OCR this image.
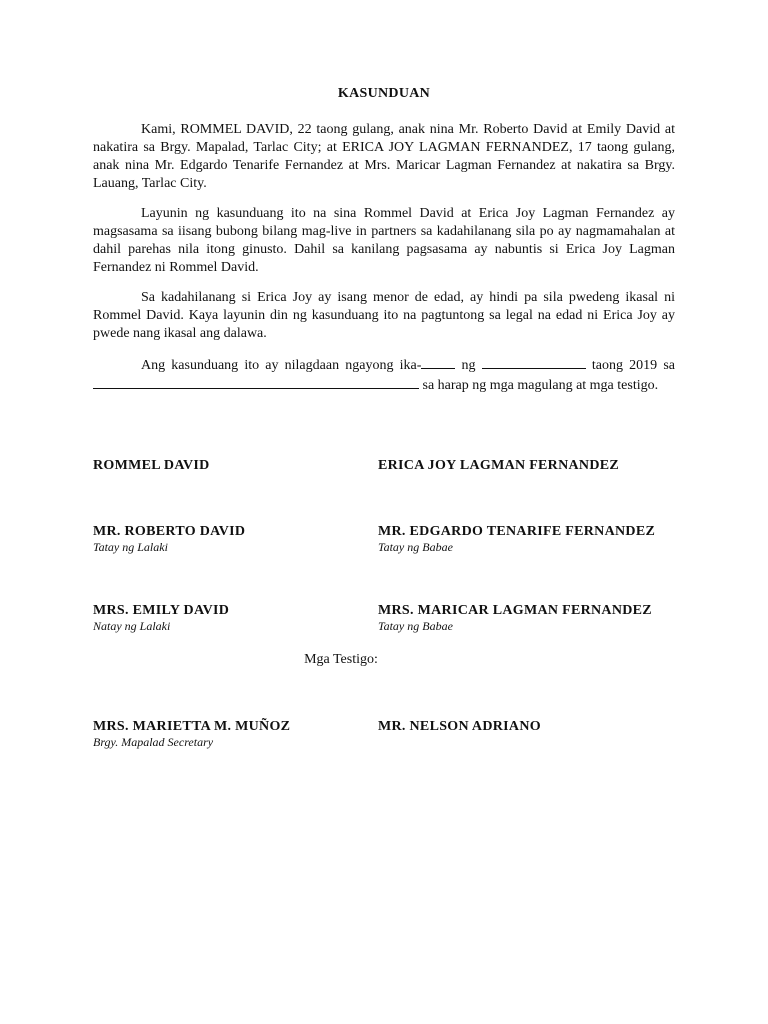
KASUNDUAN
Kami, ROMMEL DAVID, 22 taong gulang, anak nina Mr. Roberto David at Emily David at nakatira sa Brgy. Mapalad, Tarlac City; at ERICA JOY LAGMAN FERNANDEZ, 17 taong gulang, anak nina Mr. Edgardo Tenarife Fernandez at Mrs. Maricar Lagman Fernandez at nakatira sa Brgy. Lauang, Tarlac City.
Layunin ng kasunduang ito na sina Rommel David at Erica Joy Lagman Fernandez ay magsasama sa iisang bubong bilang mag-live in partners sa kadahilanang sila po ay nagmamahalan at dahil parehas nila itong ginusto. Dahil sa kanilang pagsasama ay nabuntis si Erica Joy Lagman Fernandez ni Rommel David.
Sa kadahilanang si Erica Joy ay isang menor de edad, ay hindi pa sila pwedeng ikasal ni Rommel David. Kaya layunin din ng kasunduang ito na pagtuntong sa legal na edad ni Erica Joy ay pwede nang ikasal ang dalawa.
Ang kasunduang ito ay nilagdaan ngayong ika- ng	taong 2019 sa  sa harap ng mga magulang at mga testigo.
ROMMEL DAVID	ERICA JOY LAGMAN FERNANDEZ
MR. ROBERTO DAVID
Tatay ng Lalaki
MR. EDGARDO TENARIFE FERNANDEZ
Tatay ng Babae
MRS. EMILY DAVID
Natay ng Lalaki
MRS. MARICAR LAGMAN FERNANDEZ
Tatay ng Babae
Mga Testigo:
MRS. MARIETTA M. MUÑOZ
Brgy. Mapalad Secretary
MR. NELSON ADRIANO
